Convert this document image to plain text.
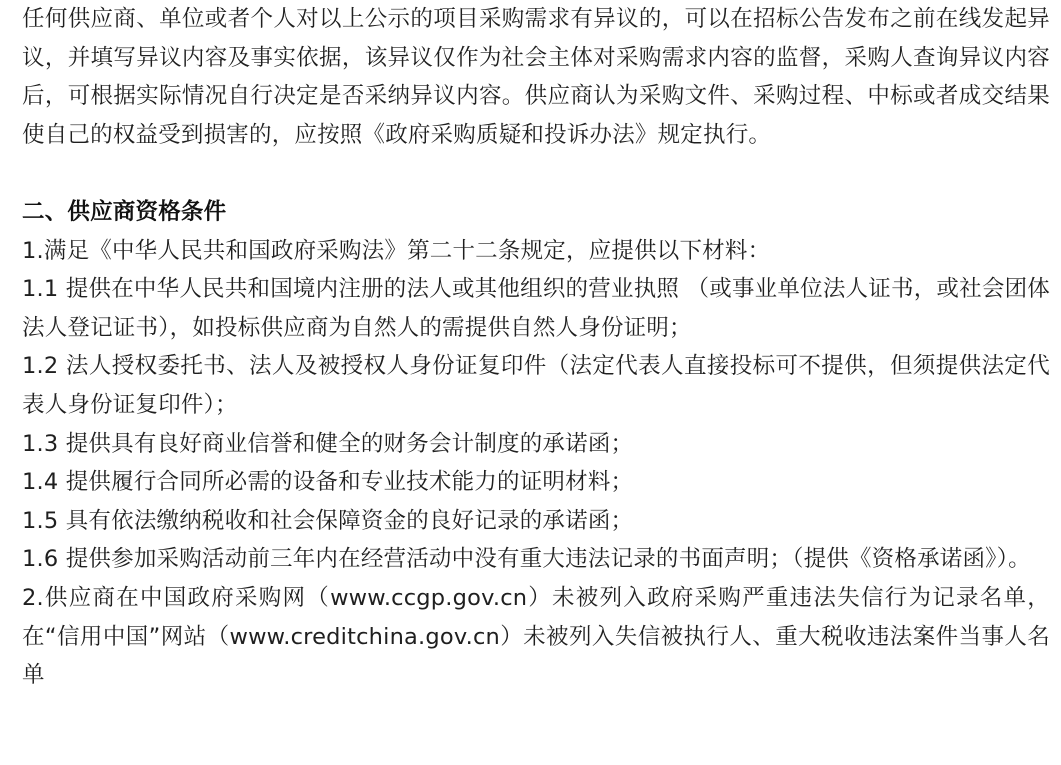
任何供应商、单位或者个人对以上公示的项目采购需求有异议的，可以在招标公告发布之前在线发起异议，并填写异议内容及事实依据，该异议仅作为社会主体对采购需求内容的监督，采购人查询异议内容后，可根据实际情况自行决定是否采纳异议内容。供应商认为采购文件、采购过程、中标或者成交结果使自己的权益受到损害的，应按照《政府采购质疑和投诉办法》规定执行。

二、供应商资格条件

1.满足《中华人民共和国政府采购法》第二十二条规定，应提供以下材料：

1.1 提供在中华人民共和国境内注册的法人或其他组织的营业执照 （或事业单位法人证书，或社会团体法人登记证书），如投标供应商为自然人的需提供自然人身份证明；

1.2 法人授权委托书、法人及被授权人身份证复印件（法定代表人直接投标可不提供，但须提供法定代表人身份证复印件）；

1.3 提供具有良好商业信誉和健全的财务会计制度的承诺函；

1.4 提供履行合同所必需的设备和专业技术能力的证明材料；

1.5 具有依法缴纳税收和社会保障资金的良好记录的承诺函；

1.6 提供参加采购活动前三年内在经营活动中没有重大违法记录的书面声明；（提供《资格承诺函》）。

2.供应商在中国政府采购网（www.ccgp.gov.cn）未被列入政府采购严重违法失信行为记录名单，在“信用中国”网站（www.creditchina.gov.cn）未被列入失信被执行人、重大税收违法案件当事人名单
